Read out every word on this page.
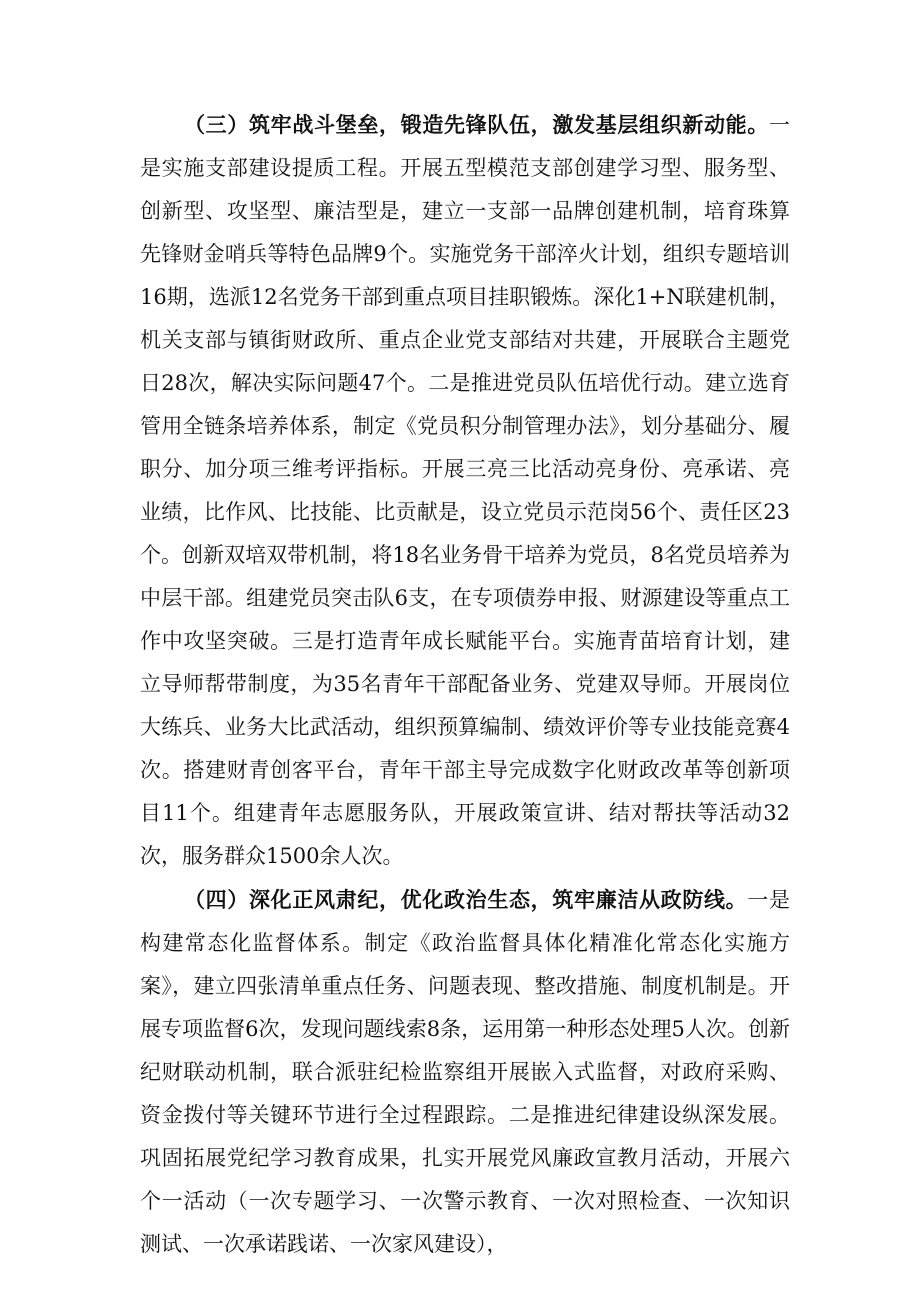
（三）筑牢战斗堡垒，锻造先锋队伍，激发基层组织新动能。一是实施支部建设提质工程。开展五型模范支部创建学习型、服务型、创新型、攻坚型、廉洁型是，建立一支部一品牌创建机制，培育珠算先锋财金哨兵等特色品牌9个。实施党务干部淬火计划，组织专题培训16期，选派12名党务干部到重点项目挂职锻炼。深化1+N联建机制，机关支部与镇街财政所、重点企业党支部结对共建，开展联合主题党日28次，解决实际问题47个。二是推进党员队伍培优行动。建立选育管用全链条培养体系，制定《党员积分制管理办法》，划分基础分、履职分、加分项三维考评指标。开展三亮三比活动亮身份、亮承诺、亮业绩，比作风、比技能、比贡献是，设立党员示范岗56个、责任区23个。创新双培双带机制，将18名业务骨干培养为党员，8名党员培养为中层干部。组建党员突击队6支，在专项债券申报、财源建设等重点工作中攻坚突破。三是打造青年成长赋能平台。实施青苗培育计划，建立导师帮带制度，为35名青年干部配备业务、党建双导师。开展岗位大练兵、业务大比武活动，组织预算编制、绩效评价等专业技能竞赛4次。搭建财青创客平台，青年干部主导完成数字化财政改革等创新项目11个。组建青年志愿服务队，开展政策宣讲、结对帮扶等活动32次，服务群众1500余人次。

（四）深化正风肃纪，优化政治生态，筑牢廉洁从政防线。一是构建常态化监督体系。制定《政治监督具体化精准化常态化实施方案》，建立四张清单重点任务、问题表现、整改措施、制度机制是。开展专项监督6次，发现问题线索8条，运用第一种形态处理5人次。创新纪财联动机制，联合派驻纪检监察组开展嵌入式监督，对政府采购、资金拨付等关键环节进行全过程跟踪。二是推进纪律建设纵深发展。巩固拓展党纪学习教育成果，扎实开展党风廉政宣教月活动，开展六个一活动（一次专题学习、一次警示教育、一次对照检查、一次知识测试、一次承诺践诺、一次家风建设），
